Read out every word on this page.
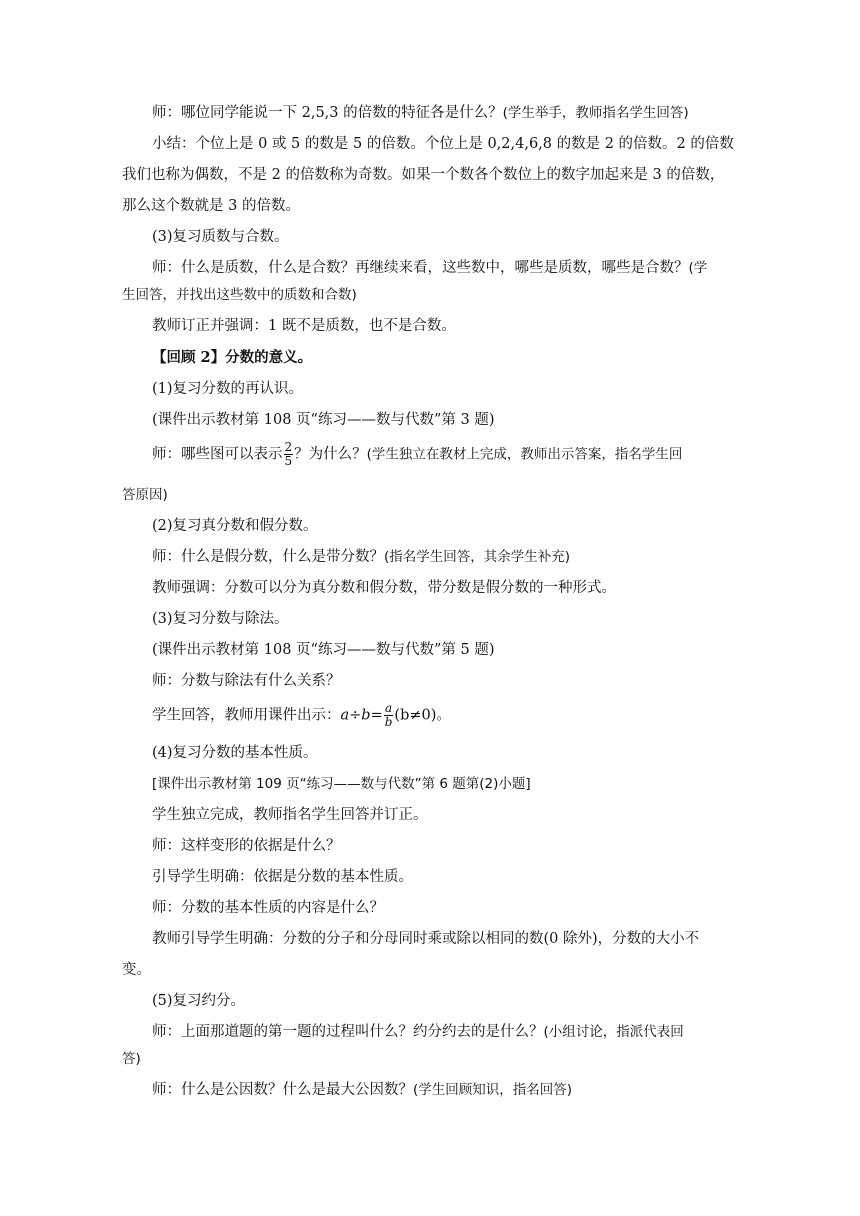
师：哪位同学能说一下 2,5,3 的倍数的特征各是什么？(学生举手，教师指名学生回答)
小结：个位上是 0 或 5 的数是 5 的倍数。个位上是 0,2,4,6,8 的数是 2 的倍数。2 的倍数
我们也称为偶数，不是 2 的倍数称为奇数。如果一个数各个数位上的数字加起来是 3 的倍数，
那么这个数就是 3 的倍数。
(3)复习质数与合数。
师：什么是质数，什么是合数？再继续来看，这些数中，哪些是质数，哪些是合数？(学
生回答，并找出这些数中的质数和合数)
教师订正并强调：1 既不是质数，也不是合数。
【回顾 2】分数的意义。
(1)复习分数的再认识。
(课件出示教材第 108 页“练习——数与代数”第 3 题)
师：哪些图可以表示 $\frac{2}{5}$ ？为什么？(学生独立在教材上完成，教师出示答案，指名学生回
答原因)
(2)复习真分数和假分数。
师：什么是假分数，什么是带分数？(指名学生回答，其余学生补充)
教师强调：分数可以分为真分数和假分数，带分数是假分数的一种形式。
(3)复习分数与除法。
(课件出示教材第 108 页“练习——数与代数”第 5 题)
师：分数与除法有什么关系？
学生回答，教师用课件出示：$a\div b= \frac{a}{b} (b\ne 0)$。
(4)复习分数的基本性质。
[课件出示教材第 109 页“练习——数与代数”第 6 题第(2)小题]
学生独立完成，教师指名学生回答并订正。
师：这样变形的依据是什么？
引导学生明确：依据是分数的基本性质。
师：分数的基本性质的内容是什么？
教师引导学生明确：分数的分子和分母同时乘或除以相同的数(0 除外)，分数的大小不
变。
(5)复习约分。
师：上面那道题的第一题的过程叫什么？约分约去的是什么？(小组讨论，指派代表回
答)
师：什么是公因数？什么是最大公因数？(学生回顾知识，指名回答)
